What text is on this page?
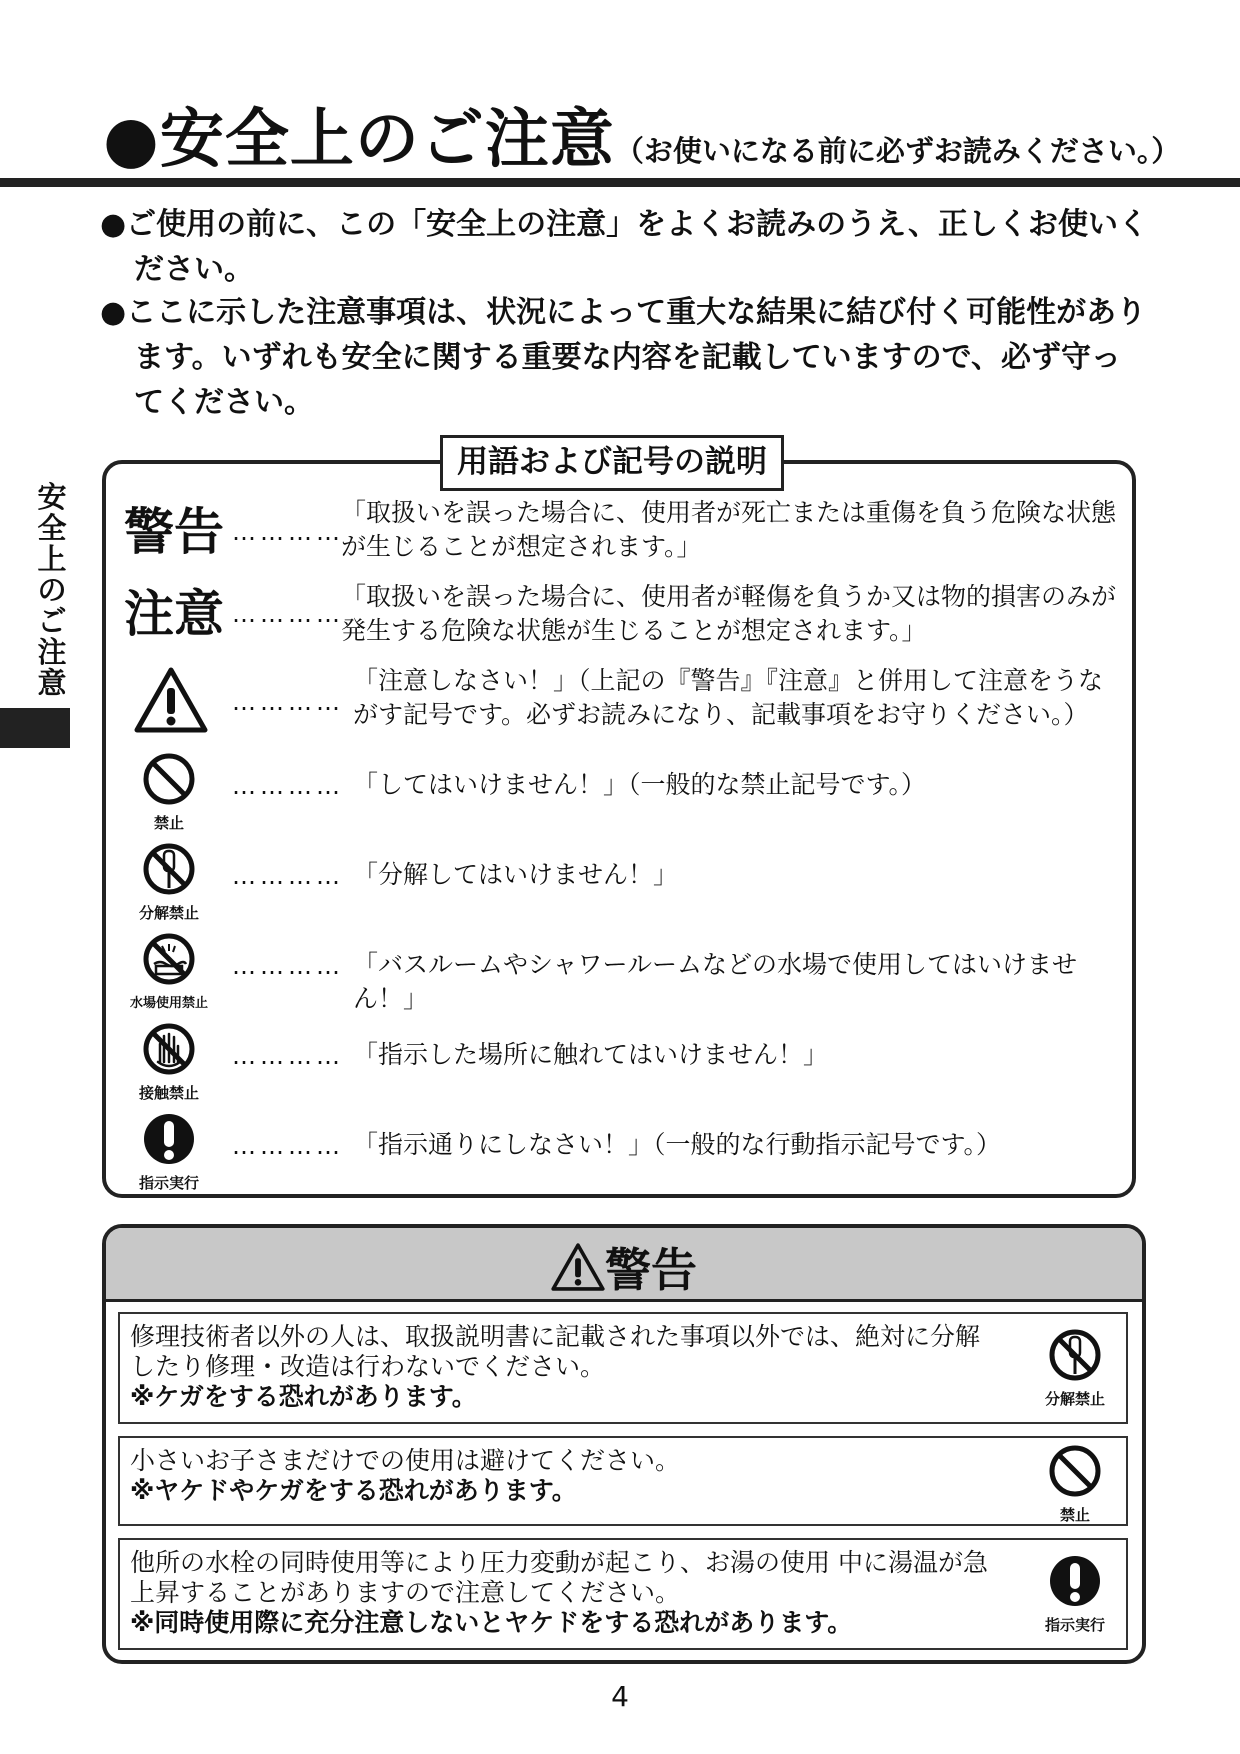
●安全上のご注意（お使いになる前に必ずお読みください。）

●ご使用の前に、この「安全上の注意」をよくお読みのうえ、正しくお使いください。

●ここに示した注意事項は、状況によって重大な結果に結び付く可能性があります。いずれも安全に関する重要な内容を記載していますので、必ず守ってください。

安全上のご注意
用語および記号の説明
警告 …………
「取扱いを誤った場合に、使用者が死亡または重傷を負う危険な状態が生じることが想定されます。」
注意 …………
「取扱いを誤った場合に、使用者が軽傷を負うか又は物的損害のみが発生する危険な状態が生じることが想定されます。」
…………
「注意しなさい！」（上記の『警告』『注意』と併用して注意をうながす記号です。必ずお読みになり、記載事項をお守りください。）
禁止
………… 「してはいけません！」（一般的な禁止記号です。）
分解禁止
………… 「分解してはいけません！」
水場使用禁止
………… 「バスルームやシャワールームなどの水場で使用してはいけません！」
接触禁止
………… 「指示した場所に触れてはいけません！」
指示実行
………… 「指示通りにしなさい！」（一般的な行動指示記号です。）
警告
修理技術者以外の人は、取扱説明書に記載された事項以外では、絶対に分解したり修理・改造は行わないでください。
※ケガをする恐れがあります。	分解禁止
小さいお子さまだけでの使用は避けてください。
※ヤケドやケガをする恐れがあります。
禁止
他所の水栓の同時使用等により圧力変動が起こり、お湯の使用 中に湯温が急上昇することがありますので注意してください。
※同時使用際に充分注意しないとヤケドをする恐れがあります。	指示実行
4
